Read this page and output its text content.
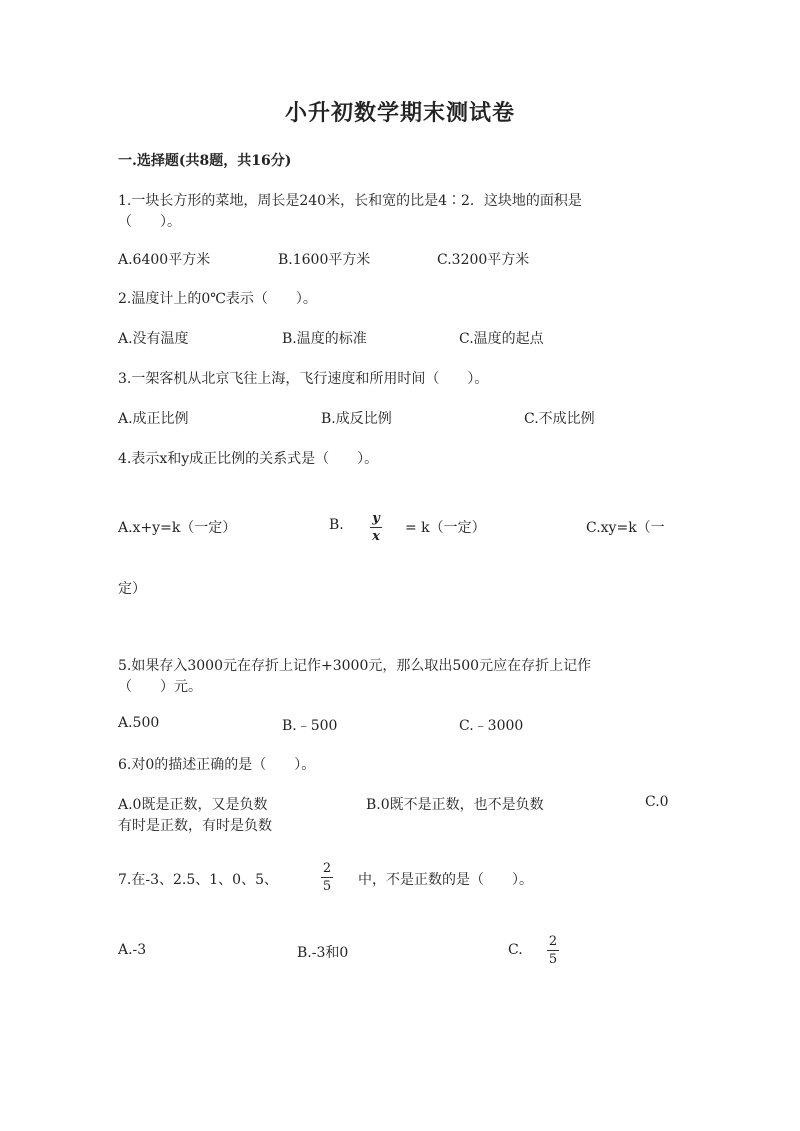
小升初数学期末测试卷
一.选择题(共8题，共16分)
1.一块长方形的菜地，周长是240米，长和宽的比是4∶2．这块地的面积是
（　　）。
A.6400平方米	B.1600平方米	C.3200平方米
2.温度计上的0℃表示（　　）。
A.没有温度	B.温度的标准	C.温度的起点
3.一架客机从北京飞往上海，飞行速度和所用时间（　　）。
A.成正比例	B.成反比例	C.不成比例
4.表示x和y成正比例的关系式是（　　）。
A.x+y=k（一定）	B. y
x
= k（一定）	C.xy=k（一
定）
5.如果存入3000元在存折上记作+3000元，那么取出500元应在存折上记作
（　　）元。
A.500	B.﹣500	C.﹣3000
6.对0的描述正确的是（　　）。
A.0既是正数，又是负数	B.0既不是正数，也不是负数	C.0
有时是正数，有时是负数
7.在-3、2.5、1、0、5、
2
5 中，不是正数的是（　　）。
A.-3	B.-3和0	C.
2
5
